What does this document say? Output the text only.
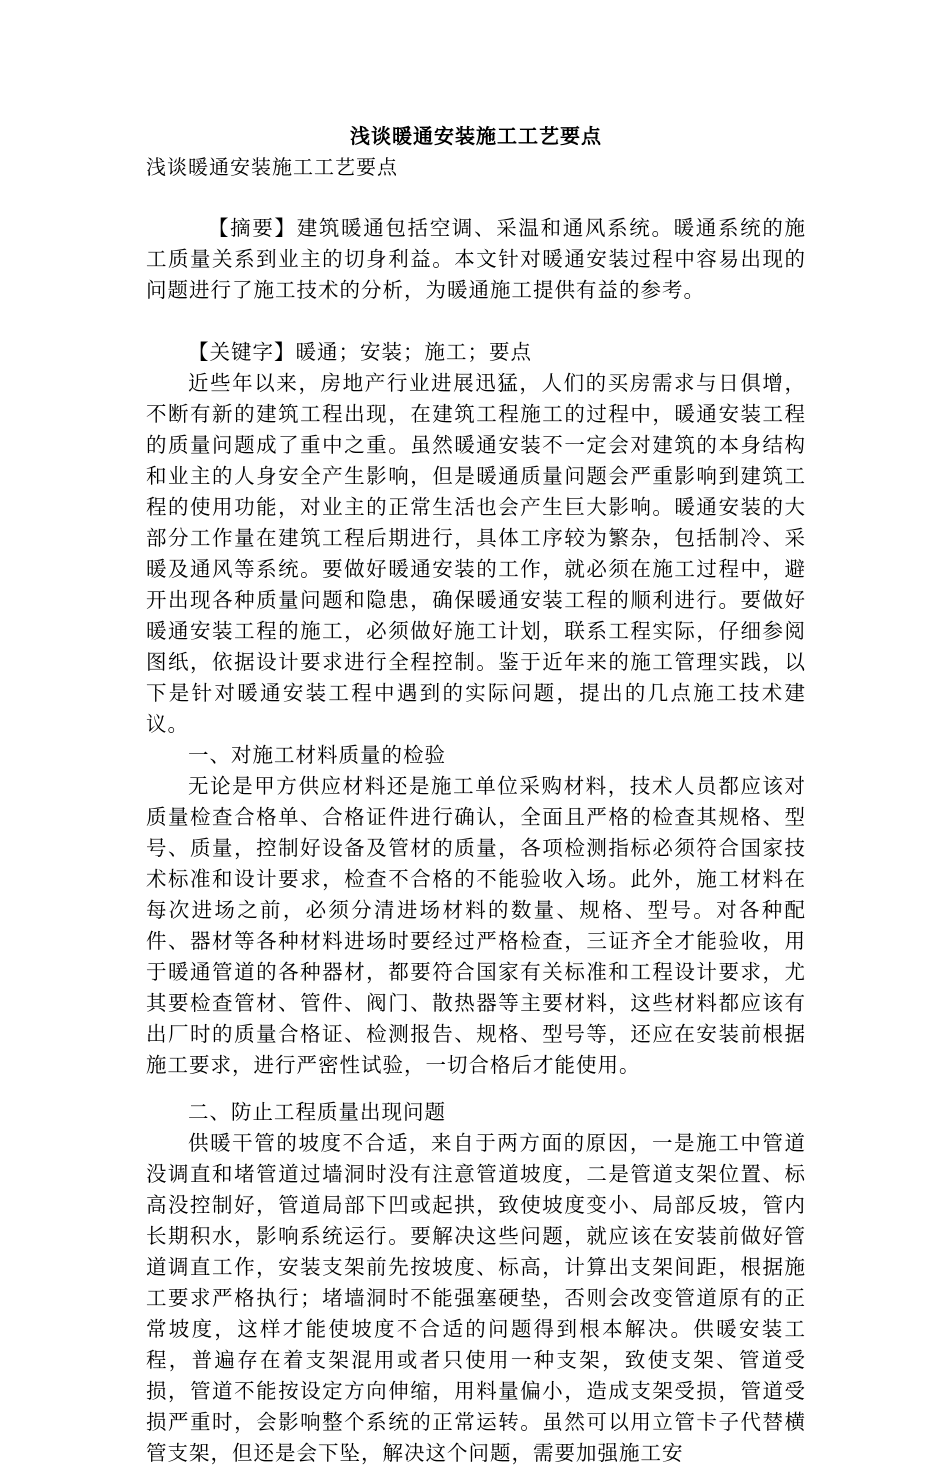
浅谈暖通安装施工工艺要点

浅谈暖通安装施工工艺要点

【摘要】建筑暖通包括空调、采温和通风系统。暖通系统的施工质量关系到业主的切身利益。本文针对暖通安装过程中容易出现的问题进行了施工技术的分析，为暖通施工提供有益的参考。

【关键字】暖通；安装；施工；要点

近些年以来，房地产行业进展迅猛，人们的买房需求与日俱增，不断有新的建筑工程出现，在建筑工程施工的过程中，暖通安装工程的质量问题成了重中之重。虽然暖通安装不一定会对建筑的本身结构和业主的人身安全产生影响，但是暖通质量问题会严重影响到建筑工程的使用功能，对业主的正常生活也会产生巨大影响。暖通安装的大部分工作量在建筑工程后期进行，具体工序较为繁杂，包括制冷、采暖及通风等系统。要做好暖通安装的工作，就必须在施工过程中，避开出现各种质量问题和隐患，确保暖通安装工程的顺利进行。要做好暖通安装工程的施工，必须做好施工计划，联系工程实际，仔细参阅图纸，依据设计要求进行全程控制。鉴于近年来的施工管理实践，以下是针对暖通安装工程中遇到的实际问题，提出的几点施工技术建议。

一、对施工材料质量的检验

无论是甲方供应材料还是施工单位采购材料，技术人员都应该对质量检查合格单、合格证件进行确认，全面且严格的检查其规格、型号、质量，控制好设备及管材的质量，各项检测指标必须符合国家技术标准和设计要求，检查不合格的不能验收入场。此外，施工材料在每次进场之前，必须分清进场材料的数量、规格、型号。对各种配件、器材等各种材料进场时要经过严格检查，三证齐全才能验收，用于暖通管道的各种器材，都要符合国家有关标准和工程设计要求，尤其要检查管材、管件、阀门、散热器等主要材料，这些材料都应该有出厂时的质量合格证、检测报告、规格、型号等，还应在安装前根据施工要求，进行严密性试验，一切合格后才能使用。

二、防止工程质量出现问题

供暖干管的坡度不合适，来自于两方面的原因，一是施工中管道没调直和堵管道过墙洞时没有注意管道坡度，二是管道支架位置、标高没控制好，管道局部下凹或起拱，致使坡度变小、局部反坡，管内长期积水，影响系统运行。要解决这些问题，就应该在安装前做好管道调直工作，安装支架前先按坡度、标高，计算出支架间距，根据施工要求严格执行；堵墙洞时不能强塞硬垫，否则会改变管道原有的正常坡度，这样才能使坡度不合适的问题得到根本解决。供暖安装工程，普遍存在着支架混用或者只使用一种支架，致使支架、管道受损，管道不能按设定方向伸缩，用料量偏小，造成支架受损，管道受损严重时，会影响整个系统的正常运转。虽然可以用立管卡子代替横管支架，但还是会下坠，解决这个问题，需要加强施工安
